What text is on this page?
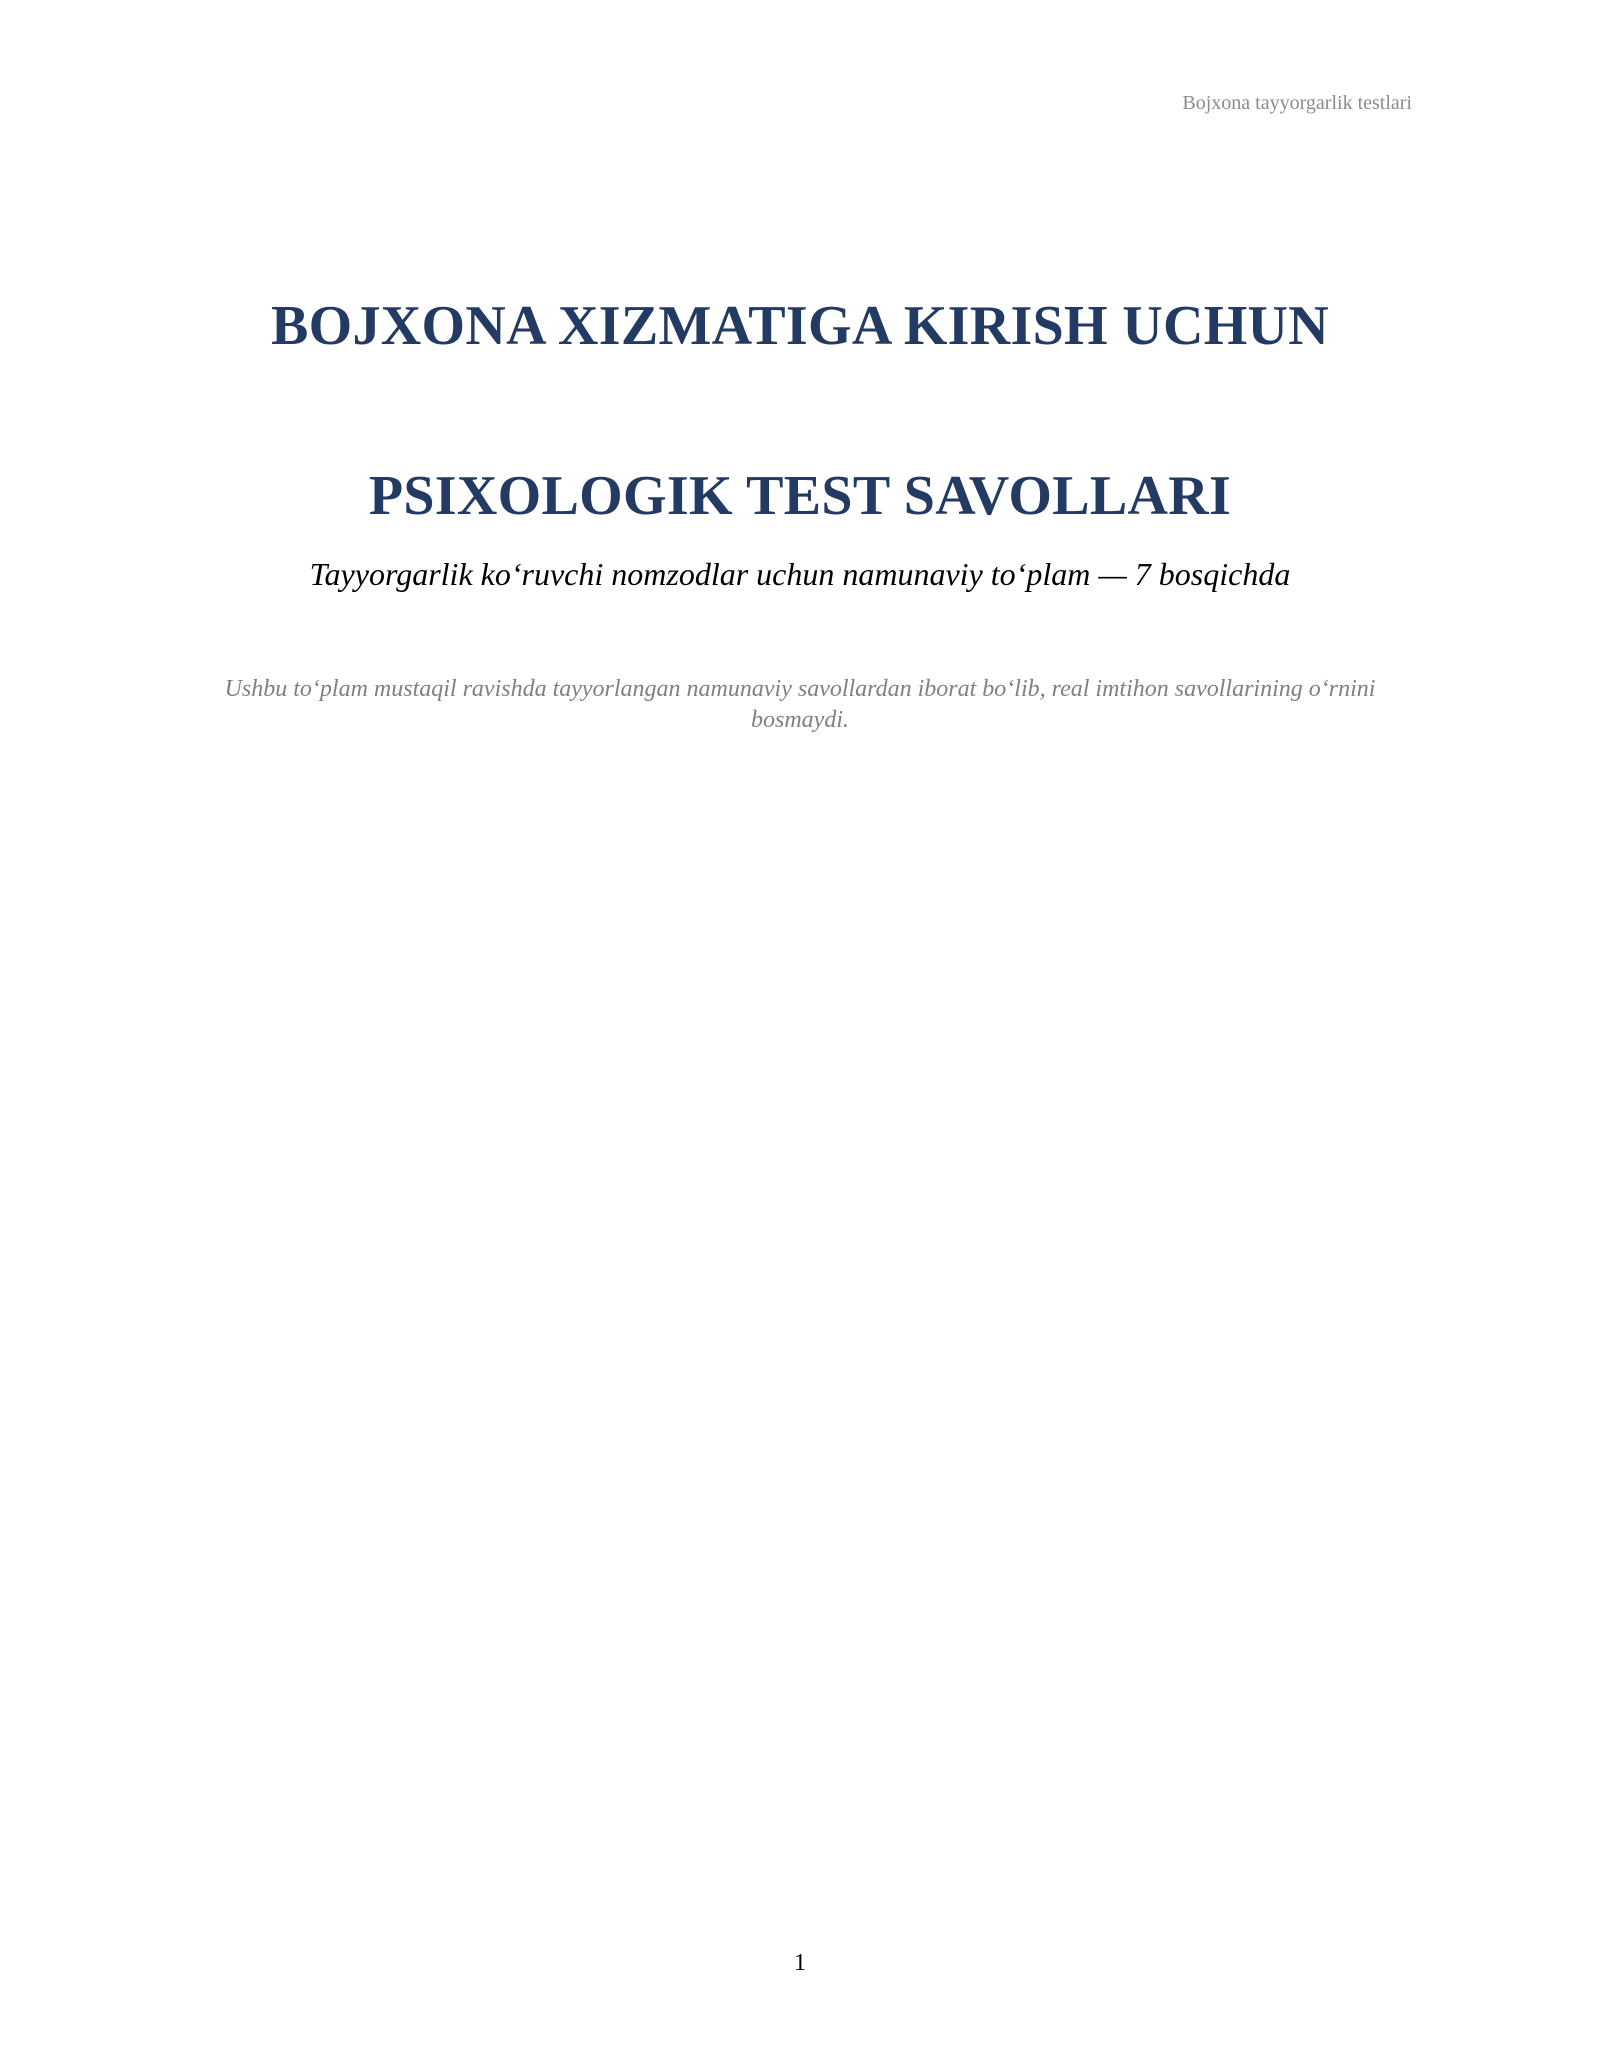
Bojxona tayyorgarlik testlari
BOJXONA XIZMATIGA KIRISH UCHUN
PSIXOLOGIK TEST SAVOLLARI
Tayyorgarlik ko‘ruvchi nomzodlar uchun namunaviy to‘plam — 7 bosqichda
Ushbu to‘plam mustaqil ravishda tayyorlangan namunaviy savollardan iborat bo‘lib, real imtihon savollarining o‘rnini bosmaydi.
1
